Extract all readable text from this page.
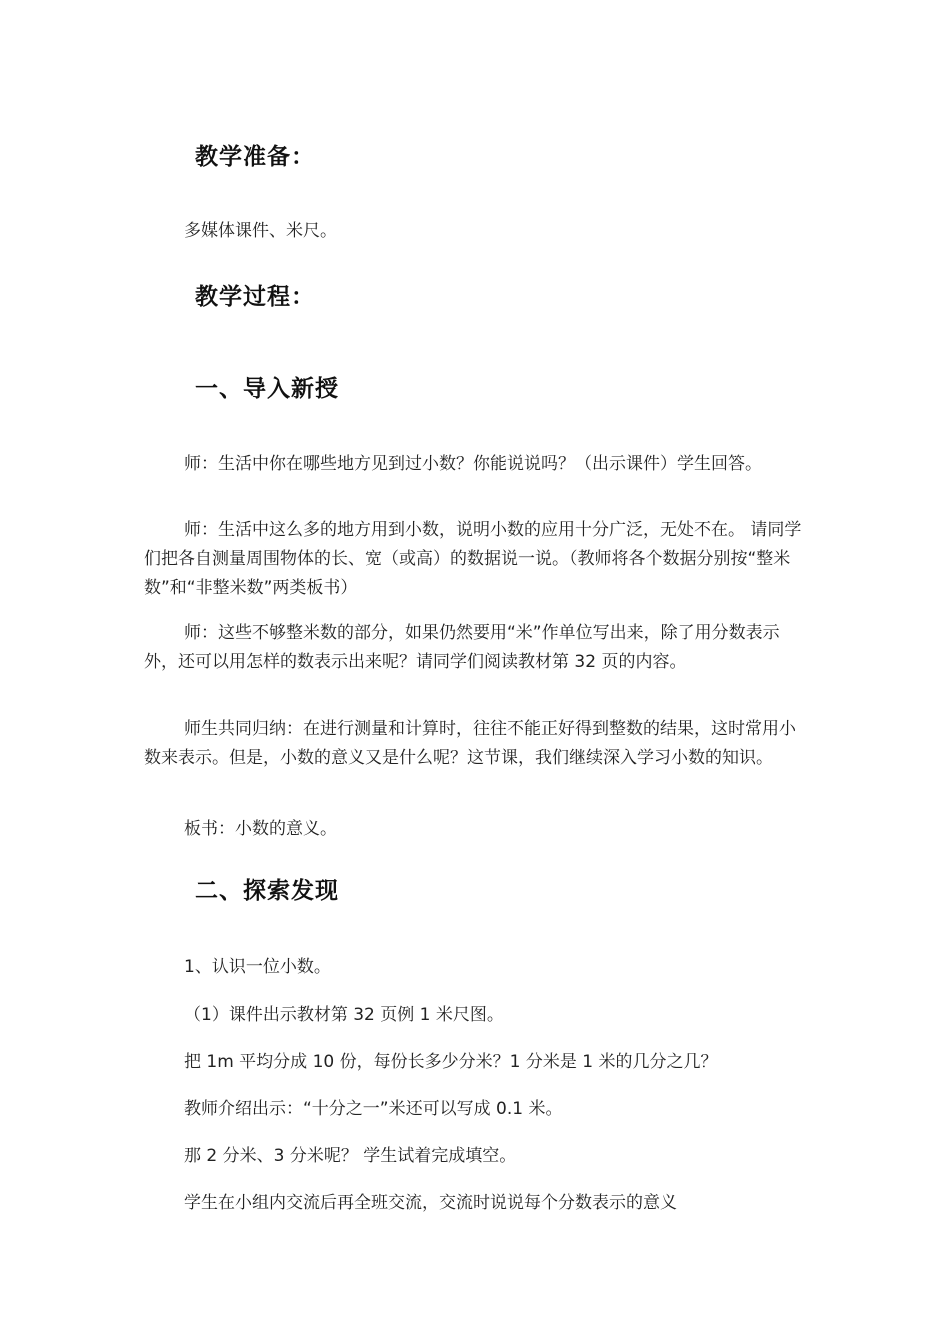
教学准备：

多媒体课件、米尺。

教学过程：
一、导入新授

师：生活中你在哪些地方见到过小数？你能说说吗？（出示课件）学生回答。

师：生活中这么多的地方用到小数，说明小数的应用十分广泛，无处不在。 请同学们把各自测量周围物体的长、宽（或高）的数据说一说。（教师将各个数据分别按“整米数”和“非整米数”两类板书）

师：这些不够整米数的部分，如果仍然要用“米”作单位写出来，除了用分数表示外，还可以用怎样的数表示出来呢？请同学们阅读教材第 32 页的内容。

师生共同归纳：在进行测量和计算时，往往不能正好得到整数的结果，这时常用小数来表示。但是，小数的意义又是什么呢？这节课，我们继续深入学习小数的知识。

板书：小数的意义。

二、探索发现

1、认识一位小数。

（1）课件出示教材第 32 页例 1 米尺图。

把 1m 平均分成 10 份，每份长多少分米？1 分米是 1 米的几分之几？

教师介绍出示：“十分之一”米还可以写成 0.1 米。

那 2 分米、3 分米呢？ 学生试着完成填空。

学生在小组内交流后再全班交流，交流时说说每个分数表示的意义
